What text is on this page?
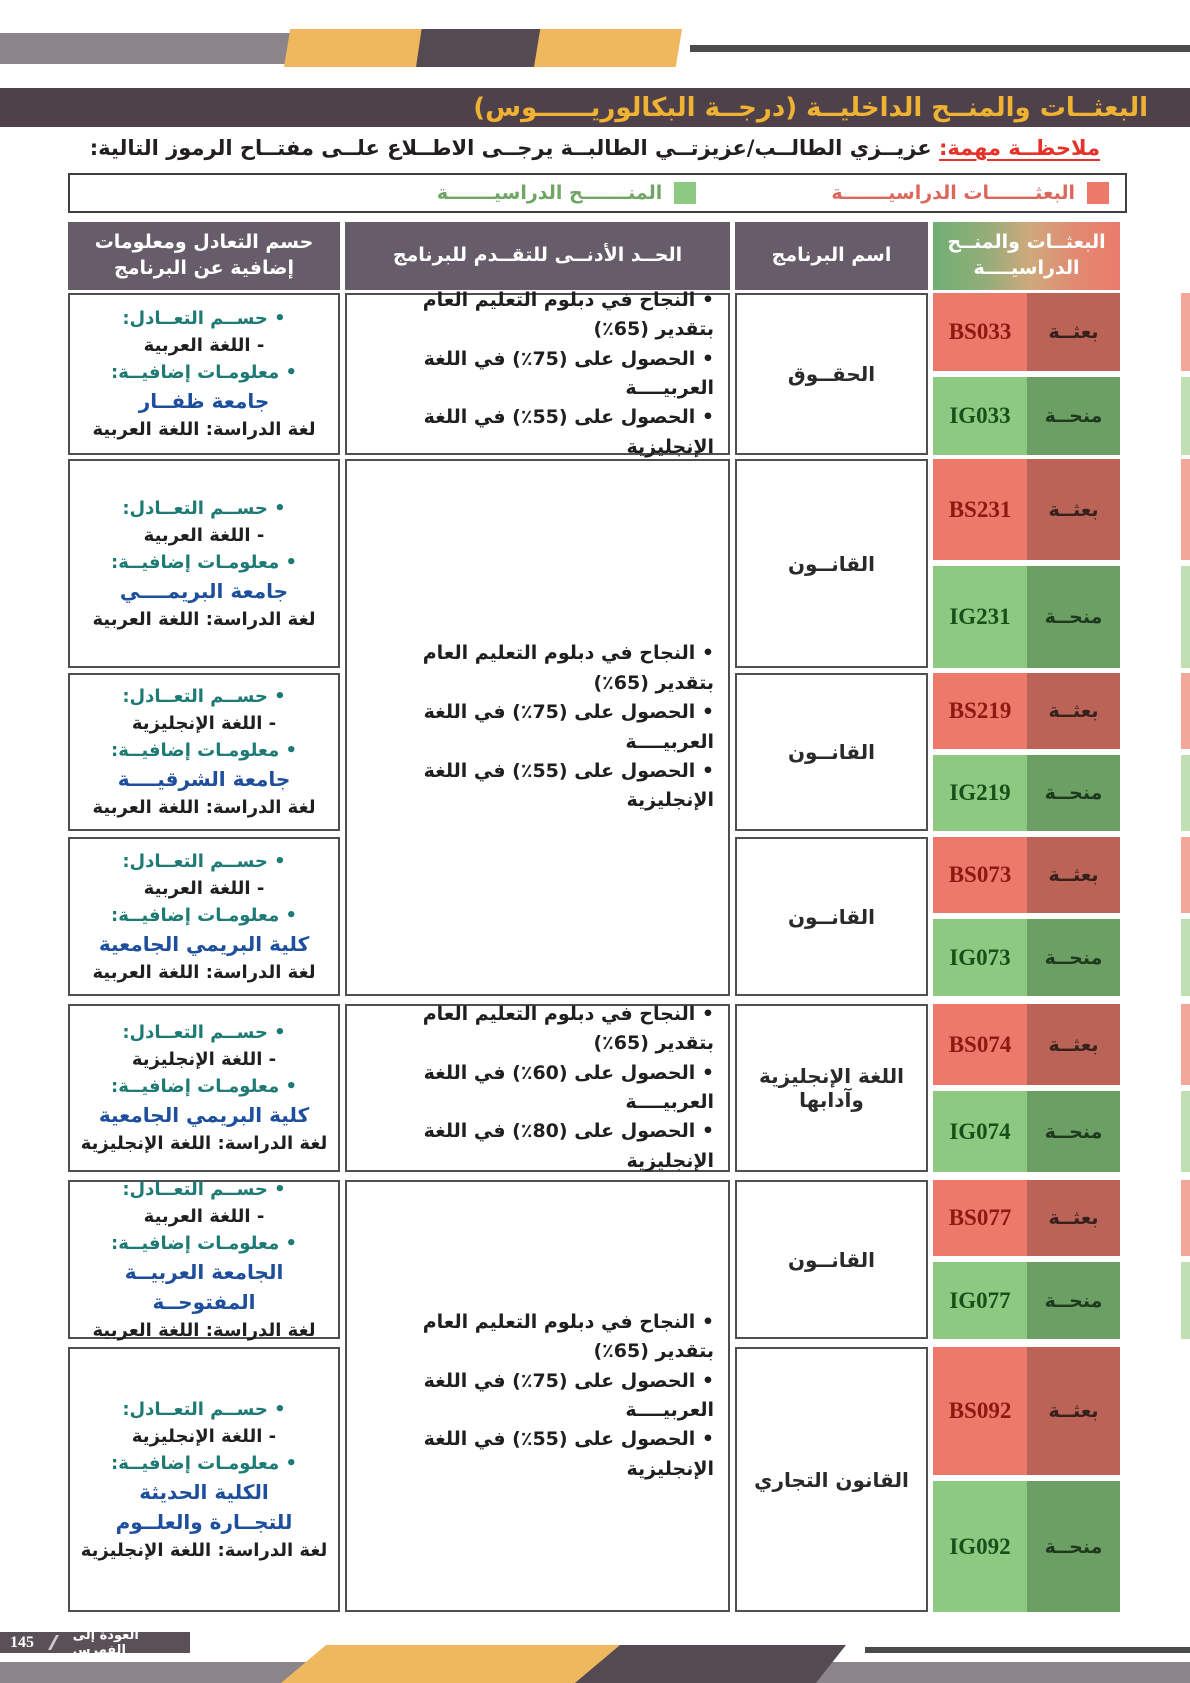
البعثــات والمنــح الداخليــة (درجــة البكالوريــــــوس)
ملاحظــة مهمة: عزيــزي الطالــب/عزيزتــي الطالبــة يرجــى الاطــلاع علــى مفتــاح الرموز التالية:
البعثـــــــات الدراسيـــــــة
المنـــــــح الدراسيـــــــة
حسم التعادل ومعلومات
إضافية عن البرنامج
الحــد الأدنــى للتقــدم للبرنامج	اسم البرنامج
البعثــات والمنــح
الدراسيــــة
• حســم التعــادل:
- اللغة العربية
• معلومـات إضافيــة:
جامعة ظفــار
لغة الدراسة: اللغة العربية
• حســم التعــادل:
- اللغة العربية
• معلومـات إضافيــة:
جامعة البريمــــي
لغة الدراسة: اللغة العربية
• حســم التعــادل:
- اللغة الإنجليزية
• معلومـات إضافيــة:
جامعة الشرقيــــة
لغة الدراسة: اللغة العربية
• حســم التعــادل:
- اللغة العربية
• معلومـات إضافيــة:
كلية البريمي الجامعية
لغة الدراسة: اللغة العربية
• حســم التعــادل:
- اللغة الإنجليزية
• معلومـات إضافيــة:
كلية البريمي الجامعية
لغة الدراسة: اللغة الإنجليزية
• حســم التعــادل:
- اللغة العربية
• معلومـات إضافيــة:
الجامعة العربيــة المفتوحــة
لغة الدراسة: اللغة العربية
• حســم التعــادل:
- اللغة الإنجليزية
• معلومـات إضافيــة:
الكلية الحديثة
للتجــارة والعلــوم
لغة الدراسة: اللغة الإنجليزية
• النجاح في دبلوم التعليم العام بتقدير (65٪)
• الحصول على (75٪) في اللغة العربيــــة
• الحصول على (55٪) في اللغة الإنجليزية
• النجاح في دبلوم التعليم العام بتقدير (65٪)
• الحصول على (75٪) في اللغة العربيــــة
• الحصول على (55٪) في اللغة الإنجليزية
• النجاح في دبلوم التعليم العام بتقدير (65٪)
• الحصول على (60٪) في اللغة العربيــــة
• الحصول على (80٪) في اللغة الإنجليزية
• النجاح في دبلوم التعليم العام بتقدير (65٪)
• الحصول على (75٪) في اللغة العربيــــة
• الحصول على (55٪) في اللغة الإنجليزية
الحقــوق
القانــون
القانــون
القانــون
اللغة الإنجليزية وآدابها
القانــون
القانون التجاري
بعثــة
BS033
منحــة
IG033
بعثــة
BS231
منحــة
IG231
بعثــة
BS219
منحــة
IG219
بعثــة
BS073
منحــة
IG073
بعثــة
BS074
منحــة
IG074
بعثــة
BS077
منحــة
IG077
بعثــة
BS092
منحــة
IG092
145	العودة إلى الفهرس
